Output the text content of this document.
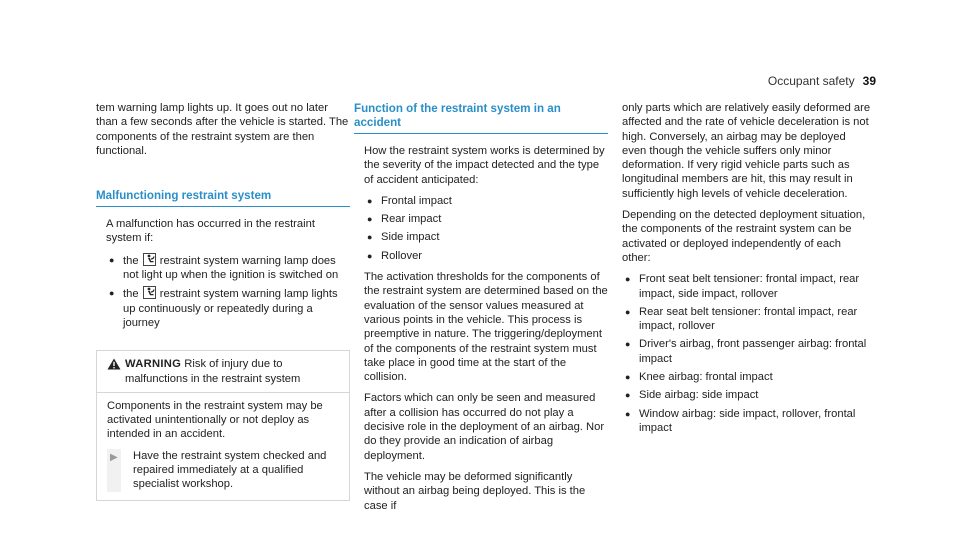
Occupant safety 39

tem warning lamp lights up. It goes out no later than a few seconds after the vehicle is started. The components of the restraint system are then functional.

Malfunctioning restraint system

A malfunction has occurred in the restraint system if:

● the restraint system warning lamp does not light up when the ignition is switched on
● the restraint system warning lamp lights up continuously or repeatedly during a journey
WARNING Risk of injury due to malfunctions in the restraint system

Components in the restraint system may be activated unintentionally or not deploy as intended in an accident.

▶ Have the restraint system checked and repaired immediately at a qualified specialist workshop.
Function of the restraint system in an accident

How the restraint system works is determined by the severity of the impact detected and the type of accident anticipated:

● Frontal impact
● Rear impact
● Side impact
● Rollover

The activation thresholds for the components of the restraint system are determined based on the evaluation of the sensor values measured at various points in the vehicle. This process is preemptive in nature. The triggering/deployment of the components of the restraint system must take place in good time at the start of the collision.

Factors which can only be seen and measured after a collision has occurred do not play a decisive role in the deployment of an airbag. Nor do they provide an indication of airbag deployment.

The vehicle may be deformed significantly without an airbag being deployed. This is the case if

only parts which are relatively easily deformed are affected and the rate of vehicle deceleration is not high. Conversely, an airbag may be deployed even though the vehicle suffers only minor deformation. If very rigid vehicle parts such as longitudinal members are hit, this may result in sufficiently high levels of vehicle deceleration.

Depending on the detected deployment situation, the components of the restraint system can be activated or deployed independently of each other:

● Front seat belt tensioner: frontal impact, rear impact, side impact, rollover
● Rear seat belt tensioner: frontal impact, rear impact, rollover
● Driver's airbag, front passenger airbag: frontal impact
● Knee airbag: frontal impact
● Side airbag: side impact
● Window airbag: side impact, rollover, frontal impact
